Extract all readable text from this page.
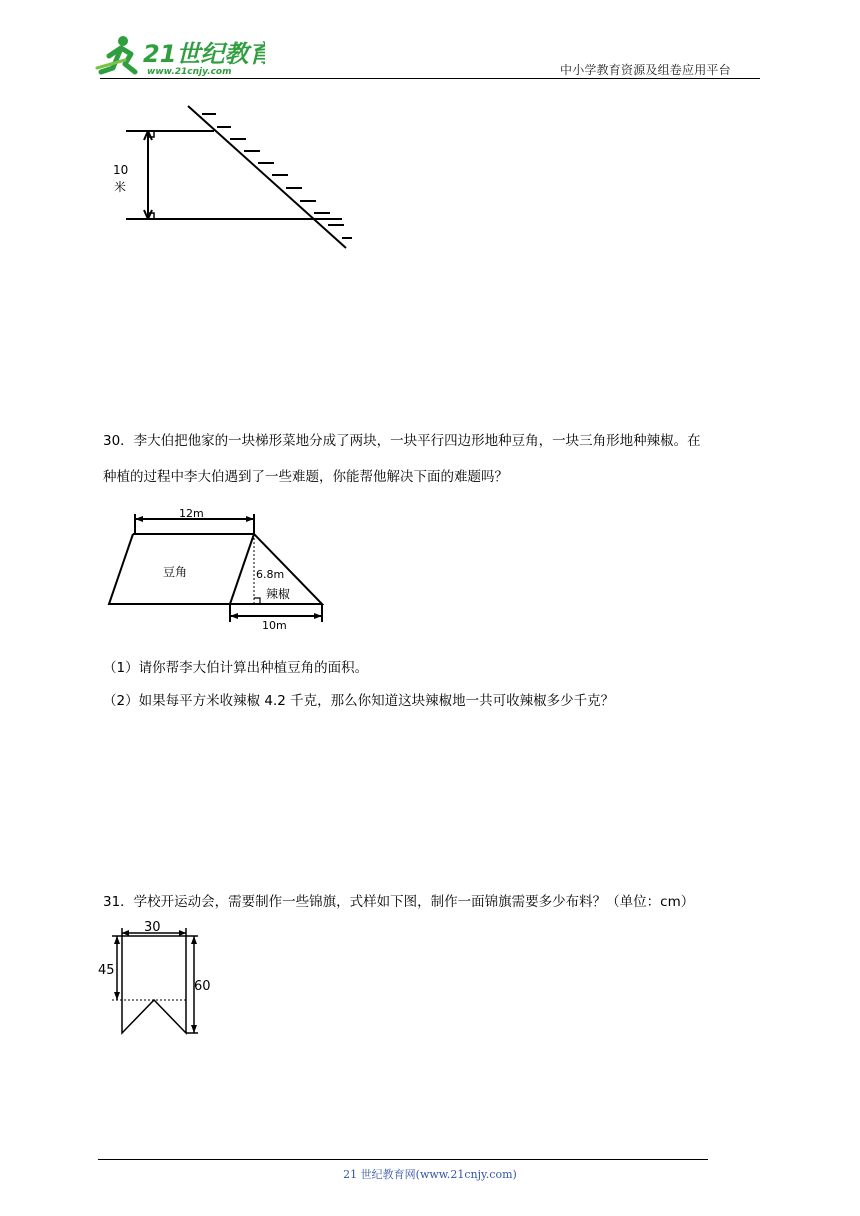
21世纪教育
www.21cnjy.com	中小学教育资源及组卷应用平台
10
米
30．李大伯把他家的一块梯形菜地分成了两块，一块平行四边形地种豆角，一块三角形地种辣椒。在
种植的过程中李大伯遇到了一些难题，你能帮他解决下面的难题吗？
12m
豆角	6.8m
辣椒
10m
（1）请你帮李大伯计算出种植豆角的面积。
（2）如果每平方米收辣椒 4.2 千克，那么你知道这块辣椒地一共可收辣椒多少千克？
31．学校开运动会，需要制作一些锦旗，式样如下图，制作一面锦旗需要多少布料？（单位：cm）
30
45
60
21 世纪教育网(www.21cnjy.com)
